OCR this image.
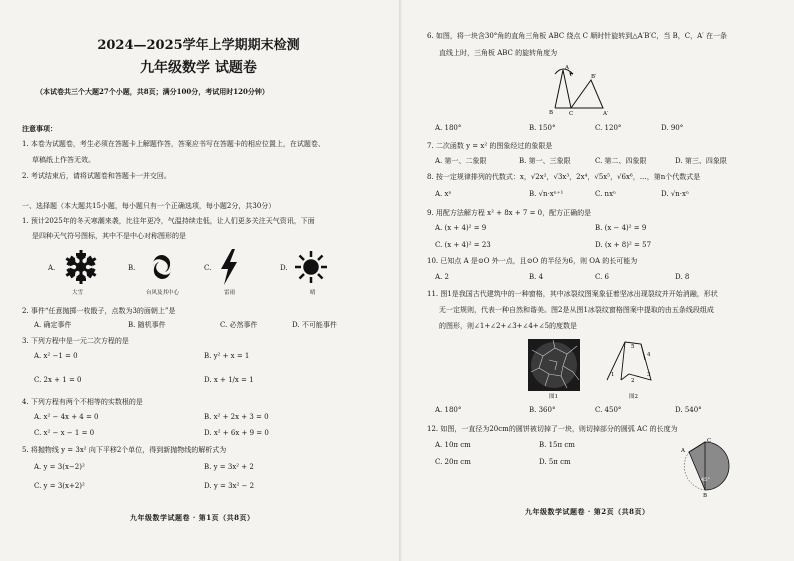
2024—2025学年上学期期末检测
九年级数学 试题卷
（本试卷共三个大题27个小题，共8页；满分100分，考试用时120分钟）
注意事项：
1. 本卷为试题卷，考生必须在答题卡上解题作答，答案应书写在答题卡的相应位置上，在试题卷、
草稿纸上作答无效。
2. 考试结束后，请将试题卷和答题卡一并交回。
一、选择题（本大题共15小题，每小题只有一个正确选项，每小题2分，共30分）
1. 预计2025年的冬天寒潮来袭，比往年更冷，气温持续走低，让人们更多关注天气资讯，下面
是四种天气符号图标，其中不是中心对称图形的是
A.
大雪
B.
台风及其中心
C.
雷雨
D.
晴
2. 事件“任意抛掷一枚骰子，点数为3的面朝上”是
A. 确定事件	B. 随机事件	C. 必然事件	D. 不可能事件
3. 下列方程中是一元二次方程的是
A. x² −1 = 0	B. y² + x = 1
C. 2x + 1 = 0	D. x + 1/x = 1
4. 下列方程有两个不相等的实数根的是
A. x² − 4x + 4 = 0	B. x² + 2x + 3 = 0
C. x² − x − 1 = 0	D. x² + 6x + 9 = 0
5. 将抛物线 y = 3x² 向下平移2个单位，得到新抛物线的解析式为
A. y = 3(x−2)²	B. y = 3x² + 2
C. y = 3(x+2)²	D. y = 3x² − 2
九年级数学试题卷 · 第1页（共8页）
6. 如图，将一块含30°角的直角三角板 ABC 绕点 C 顺时针旋转到△A′B′C，当 B，C，A′ 在一条
直线上时，三角板 ABC 的旋转角度为
B	C
A
B′
A′
A. 180°	B. 150°	C. 120°	D. 90°
7. 二次函数 y = x² 的图象经过的象限是
A. 第一、二象限	B. 第一、三象限	C. 第二、四象限	D. 第三、四象限
8. 按一定规律排列的代数式：x，√2x²，√3x³，2x⁴，√5x⁵，√6x⁶，…，第n个代数式是
A. xⁿ	B. √n·xⁿ⁺¹	C. nxⁿ	D. √n·xⁿ
9. 用配方法解方程 x² + 8x + 7 = 0，配方正确的是
A. (x + 4)² = 9	B. (x − 4)² = 9
C. (x + 4)² = 23	D. (x + 8)² = 57
10. 已知点 A 是⊙O 外一点，且⊙O 的半径为6，则 OA 的长可能为
A. 2	B. 4	C. 6	D. 8
11. 图1是我国古代建筑中的一种窗格，其中冰裂纹图案象征着坚冰出现裂纹并开始消融，形状
无一定规则，代表一种自然和谐美。图2是从图1冰裂纹窗格图案中提取的由五条线段组成
的图形，则∠1+∠2+∠3+∠4+∠5的度数是
图1
1
2
3
4
5
图2
A. 180°	B. 360°	C. 450°	D. 540°
12. 如图，一直径为20cm的圆饼被切掉了一块，则切掉部分的圆弧 AC 的长度为
A. 10π cm	B. 15π cm
C. 20π cm	D. 5π cm
A
B
C
45°
九年级数学试题卷 · 第2页（共8页）
